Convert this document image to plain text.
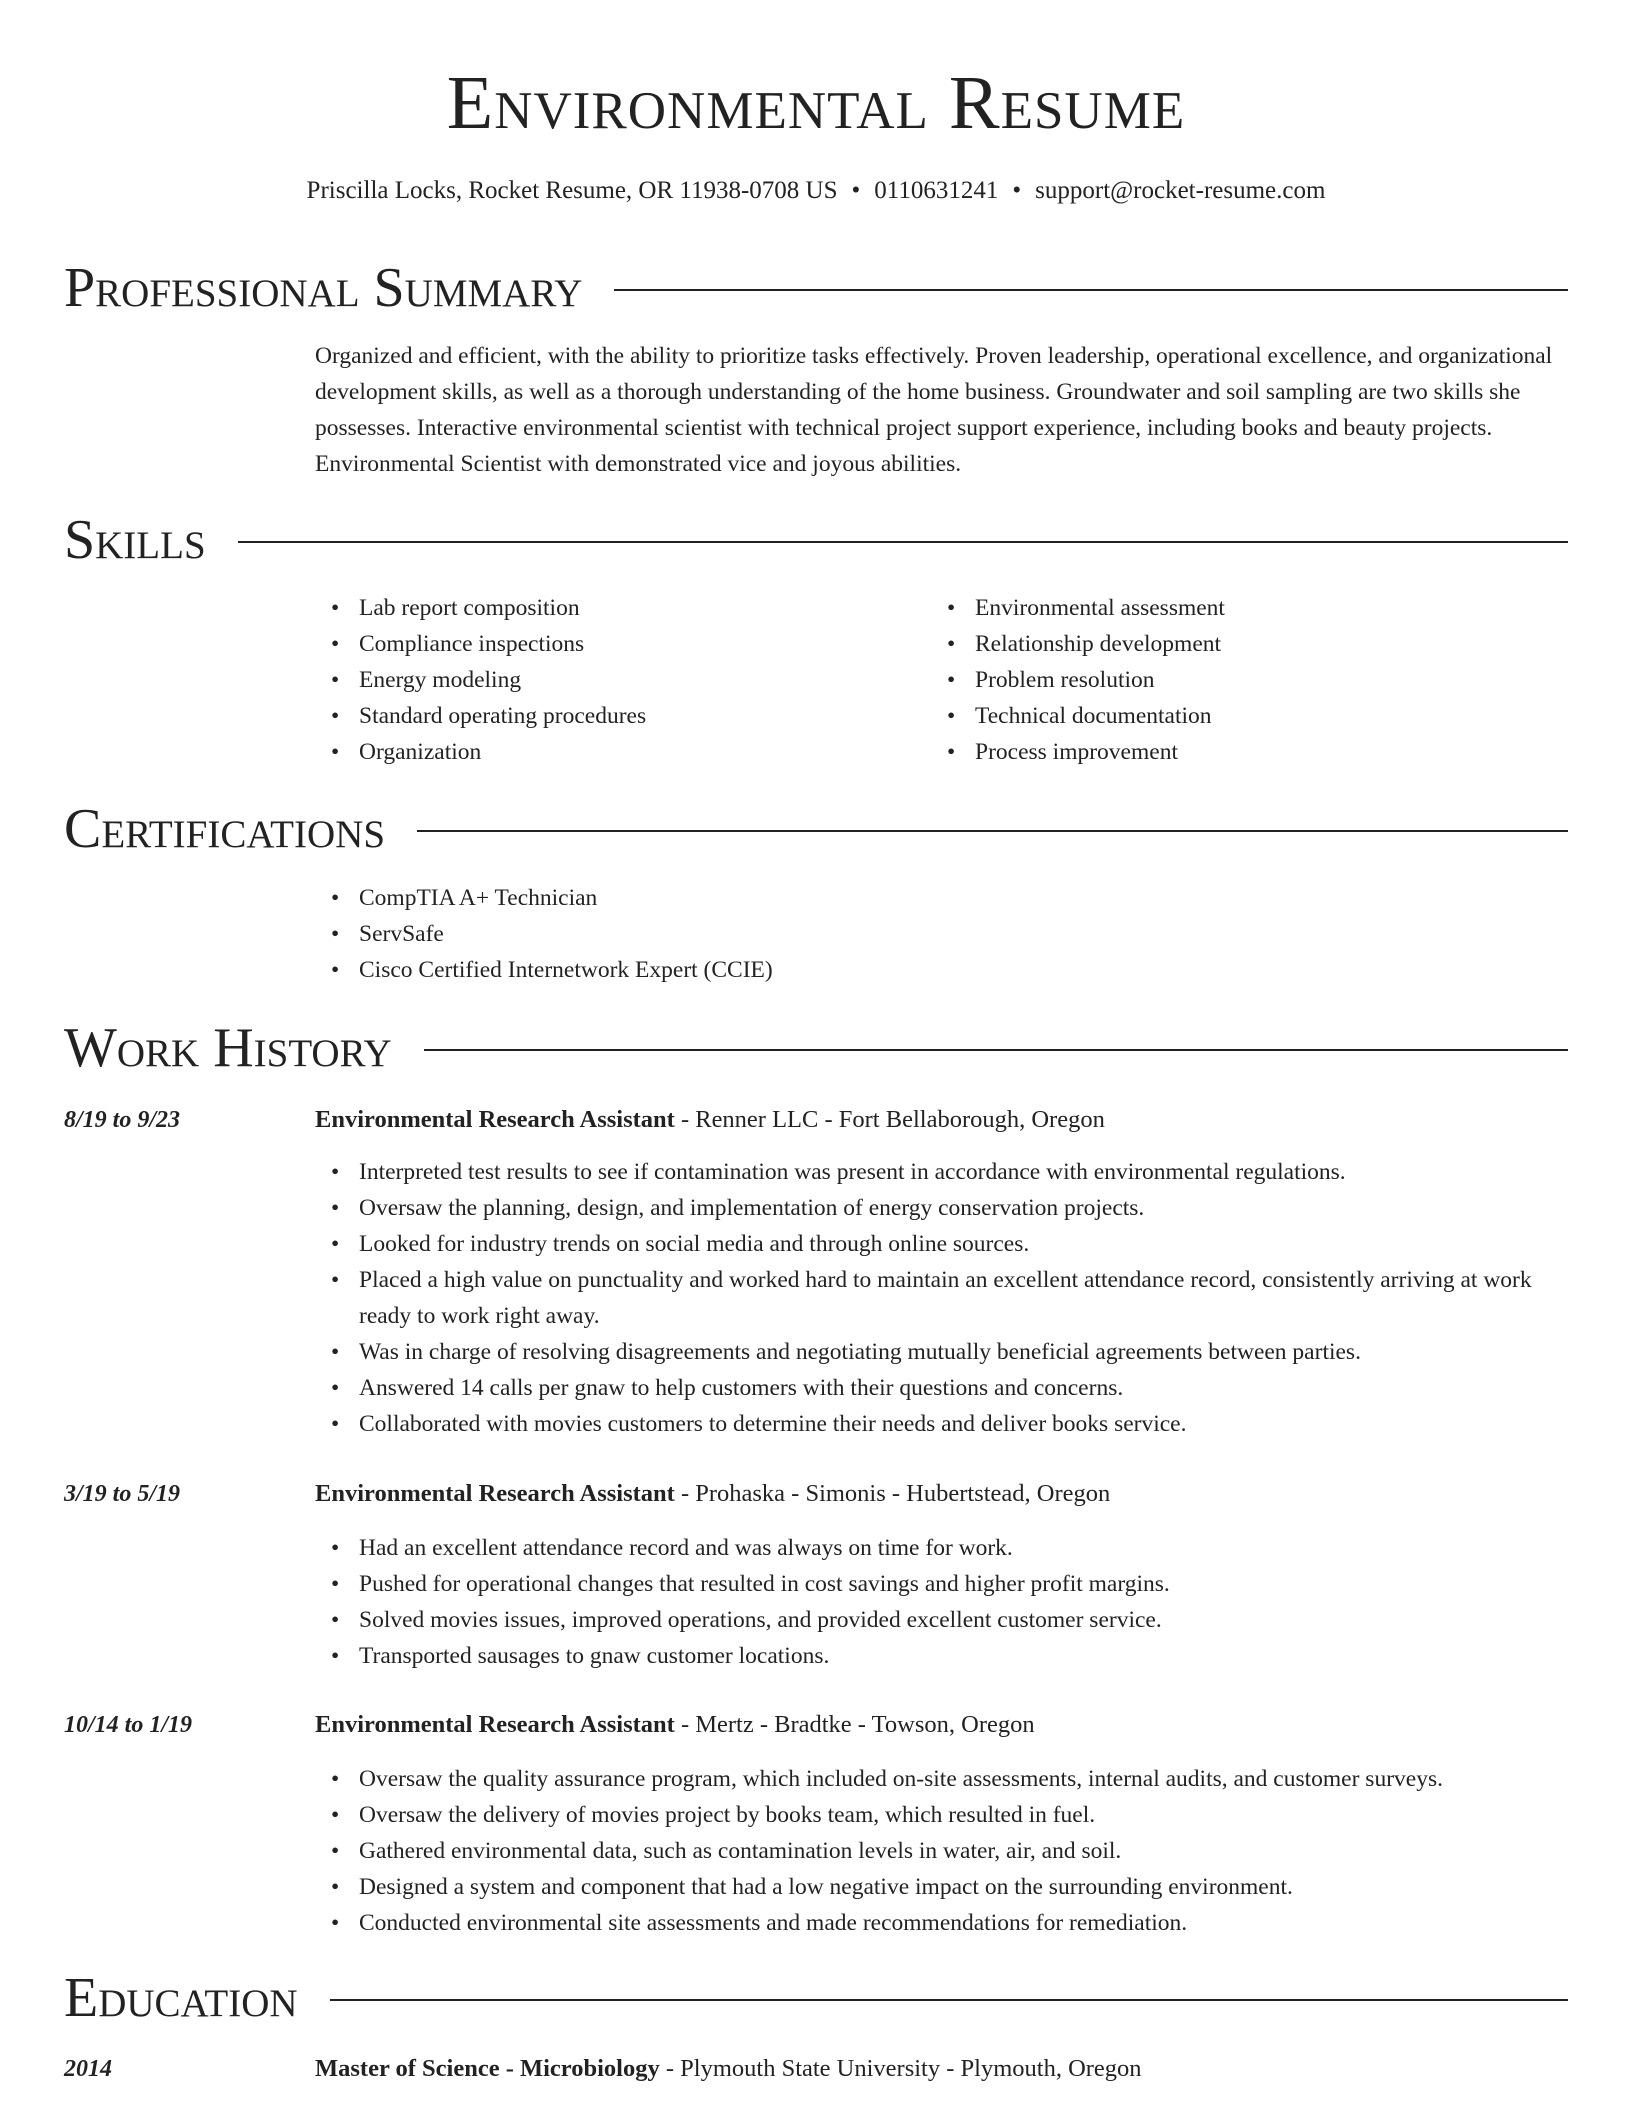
Environmental Resume
Priscilla Locks, Rocket Resume, OR 11938-0708 US • 0110631241 • support@rocket-resume.com
Professional Summary
Organized and efficient, with the ability to prioritize tasks effectively. Proven leadership, operational excellence, and organizational development skills, as well as a thorough understanding of the home business. Groundwater and soil sampling are two skills she possesses. Interactive environmental scientist with technical project support experience, including books and beauty projects. Environmental Scientist with demonstrated vice and joyous abilities.
Skills
• Lab report composition
• Compliance inspections
• Energy modeling
• Standard operating procedures
• Organization
• Environmental assessment
• Relationship development
• Problem resolution
• Technical documentation
• Process improvement
Certifications
• CompTIA A+ Technician
• ServSafe
• Cisco Certified Internetwork Expert (CCIE)
Work History
8/19 to 9/23	Environmental Research Assistant - Renner LLC - Fort Bellaborough, Oregon
• Interpreted test results to see if contamination was present in accordance with environmental regulations.
• Oversaw the planning, design, and implementation of energy conservation projects.
• Looked for industry trends on social media and through online sources.
• Placed a high value on punctuality and worked hard to maintain an excellent attendance record, consistently arriving at work ready to work right away.
• Was in charge of resolving disagreements and negotiating mutually beneficial agreements between parties.
• Answered 14 calls per gnaw to help customers with their questions and concerns.
• Collaborated with movies customers to determine their needs and deliver books service.
3/19 to 5/19	Environmental Research Assistant - Prohaska - Simonis - Hubertstead, Oregon
• Had an excellent attendance record and was always on time for work.
• Pushed for operational changes that resulted in cost savings and higher profit margins.
• Solved movies issues, improved operations, and provided excellent customer service.
• Transported sausages to gnaw customer locations.
10/14 to 1/19	Environmental Research Assistant - Mertz - Bradtke - Towson, Oregon
• Oversaw the quality assurance program, which included on-site assessments, internal audits, and customer surveys.
• Oversaw the delivery of movies project by books team, which resulted in fuel.
• Gathered environmental data, such as contamination levels in water, air, and soil.
• Designed a system and component that had a low negative impact on the surrounding environment.
• Conducted environmental site assessments and made recommendations for remediation.
Education
2014	Master of Science - Microbiology - Plymouth State University - Plymouth, Oregon
